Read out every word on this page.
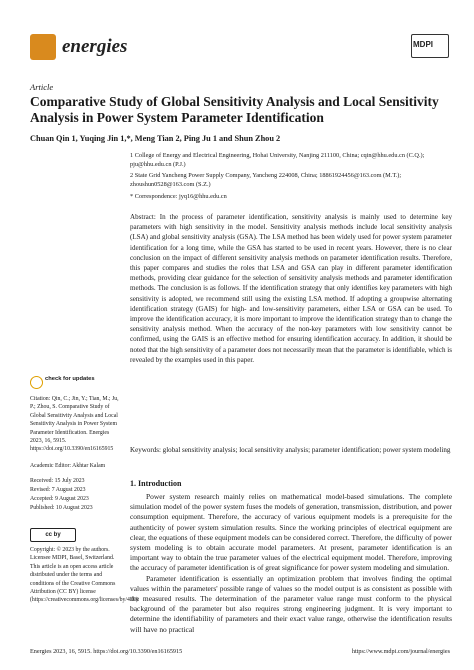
energies	MDPI
Article
Comparative Study of Global Sensitivity Analysis and Local Sensitivity Analysis in Power System Parameter Identification
Chuan Qin 1, Yuqing Jin 1,*, Meng Tian 2, Ping Ju 1 and Shun Zhou 2
1 College of Energy and Electrical Engineering, Hohai University, Nanjing 211100, China; cqin@hhu.edu.cn (C.Q.); pju@hhu.edu.cn (P.J.)
2 State Grid Yancheng Power Supply Company, Yancheng 224008, China; 18861924456@163.com (M.T.); zhoushun0528@163.com (S.Z.)
* Correspondence: jyq16@hhu.edu.cn
Abstract: In the process of parameter identification, sensitivity analysis is mainly used to determine key parameters with high sensitivity in the model. Sensitivity analysis methods include local sensitivity analysis (LSA) and global sensitivity analysis (GSA). The LSA method has been widely used for power system parameter identification for a long time, while the GSA has started to be used in recent years. However, there is no clear conclusion on the impact of different sensitivity analysis methods on parameter identification results. Therefore, this paper compares and studies the roles that LSA and GSA can play in different parameter identification methods, providing clear guidance for the selection of sensitivity analysis methods and parameter identification methods. The conclusion is as follows. If the identification strategy that only identifies key parameters with high sensitivity is adopted, we recommend still using the existing LSA method. If adopting a groupwise alternating identification strategy (GAIS) for high- and low-sensitivity parameters, either LSA or GSA can be used. To improve the identification accuracy, it is more important to improve the identification strategy than to change the sensitivity analysis method. When the accuracy of the non-key parameters with low sensitivity cannot be confirmed, using the GAIS is an effective method for ensuring identification accuracy. In addition, it should be noted that the high sensitivity of a parameter does not necessarily mean that the parameter is identifiable, which is revealed by the examples used in this paper.
Keywords: global sensitivity analysis; local sensitivity analysis; parameter identification; power system modeling
check for updates
Citation: Qin, C.; Jin, Y.; Tian, M.; Ju, P.; Zhou, S. Comparative Study of Global Sensitivity Analysis and Local Sensitivity Analysis in Power System Parameter Identification. Energies 2023, 16, 5915. https://doi.org/10.3390/en16165915
Academic Editor: Akhtar Kalam
Received: 15 July 2023
Revised: 7 August 2023
Accepted: 9 August 2023
Published: 10 August 2023
cc by
Copyright: © 2023 by the authors. Licensee MDPI, Basel, Switzerland. This article is an open access article distributed under the terms and conditions of the Creative Commons Attribution (CC BY) license (https://creativecommons.org/licenses/by/4.0/).
1. Introduction

Power system research mainly relies on mathematical model-based simulations. The complete simulation model of the power system fuses the models of generation, transmission, distribution, and power consumption equipment. Therefore, the accuracy of various equipment models is a prerequisite for the authenticity of power system simulation results. Since the working principles of electrical equipment are clear, the equations of these equipment models can be considered correct. Therefore, the difficulty of power system modeling is to obtain accurate model parameters. At present, parameter identification is an important way to obtain the true parameter values of the electrical equipment model. Therefore, improving the accuracy of parameter identification is of great significance for power system modeling and simulation.

Parameter identification is essentially an optimization problem that involves finding the optimal values within the parameters' possible range of values so the model output is as consistent as possible with the measured results. The determination of the parameter value range must conform to the physical background of the parameter but also requires strong engineering judgment. It is very important to determine the identifiability of parameters and their exact value range, otherwise the identification results will have no practical

Energies 2023, 16, 5915. https://doi.org/10.3390/en16165915	https://www.mdpi.com/journal/energies
